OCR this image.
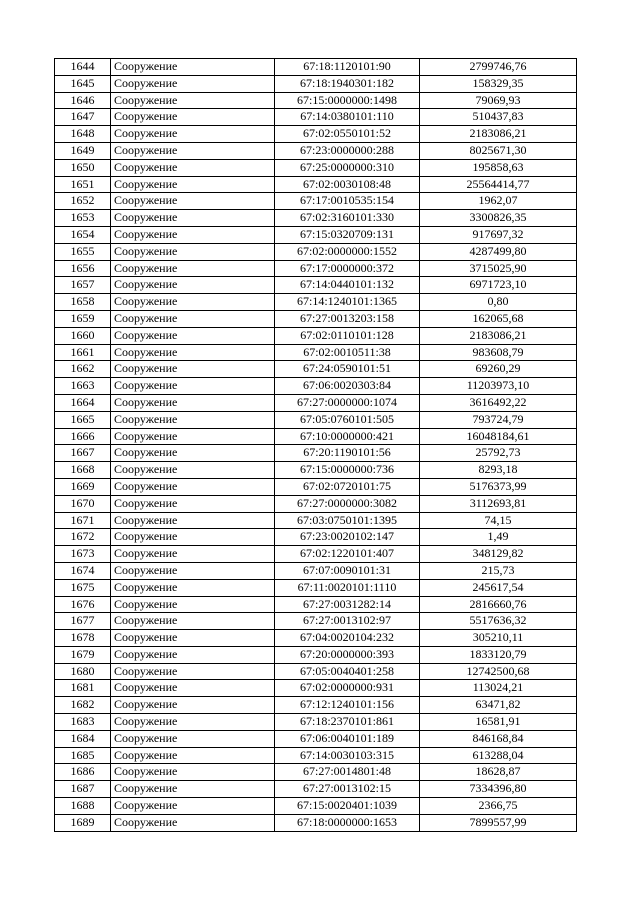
1644	Сооружение	67:18:1120101:90	2799746,76
1645	Сооружение	67:18:1940301:182	158329,35
1646	Сооружение	67:15:0000000:1498	79069,93
1647	Сооружение	67:14:0380101:110	510437,83
1648	Сооружение	67:02:0550101:52	2183086,21
1649	Сооружение	67:23:0000000:288	8025671,30
1650	Сооружение	67:25:0000000:310	195858,63
1651	Сооружение	67:02:0030108:48	25564414,77
1652	Сооружение	67:17:0010535:154	1962,07
1653	Сооружение	67:02:3160101:330	3300826,35
1654	Сооружение	67:15:0320709:131	917697,32
1655	Сооружение	67:02:0000000:1552	4287499,80
1656	Сооружение	67:17:0000000:372	3715025,90
1657	Сооружение	67:14:0440101:132	6971723,10
1658	Сооружение	67:14:1240101:1365	0,80
1659	Сооружение	67:27:0013203:158	162065,68
1660	Сооружение	67:02:0110101:128	2183086,21
1661	Сооружение	67:02:0010511:38	983608,79
1662	Сооружение	67:24:0590101:51	69260,29
1663	Сооружение	67:06:0020303:84	11203973,10
1664	Сооружение	67:27:0000000:1074	3616492,22
1665	Сооружение	67:05:0760101:505	793724,79
1666	Сооружение	67:10:0000000:421	16048184,61
1667	Сооружение	67:20:1190101:56	25792,73
1668	Сооружение	67:15:0000000:736	8293,18
1669	Сооружение	67:02:0720101:75	5176373,99
1670	Сооружение	67:27:0000000:3082	3112693,81
1671	Сооружение	67:03:0750101:1395	74,15
1672	Сооружение	67:23:0020102:147	1,49
1673	Сооружение	67:02:1220101:407	348129,82
1674	Сооружение	67:07:0090101:31	215,73
1675	Сооружение	67:11:0020101:1110	245617,54
1676	Сооружение	67:27:0031282:14	2816660,76
1677	Сооружение	67:27:0013102:97	5517636,32
1678	Сооружение	67:04:0020104:232	305210,11
1679	Сооружение	67:20:0000000:393	1833120,79
1680	Сооружение	67:05:0040401:258	12742500,68
1681	Сооружение	67:02:0000000:931	113024,21
1682	Сооружение	67:12:1240101:156	63471,82
1683	Сооружение	67:18:2370101:861	16581,91
1684	Сооружение	67:06:0040101:189	846168,84
1685	Сооружение	67:14:0030103:315	613288,04
1686	Сооружение	67:27:0014801:48	18628,87
1687	Сооружение	67:27:0013102:15	7334396,80
1688	Сооружение	67:15:0020401:1039	2366,75
1689	Сооружение	67:18:0000000:1653	7899557,99
